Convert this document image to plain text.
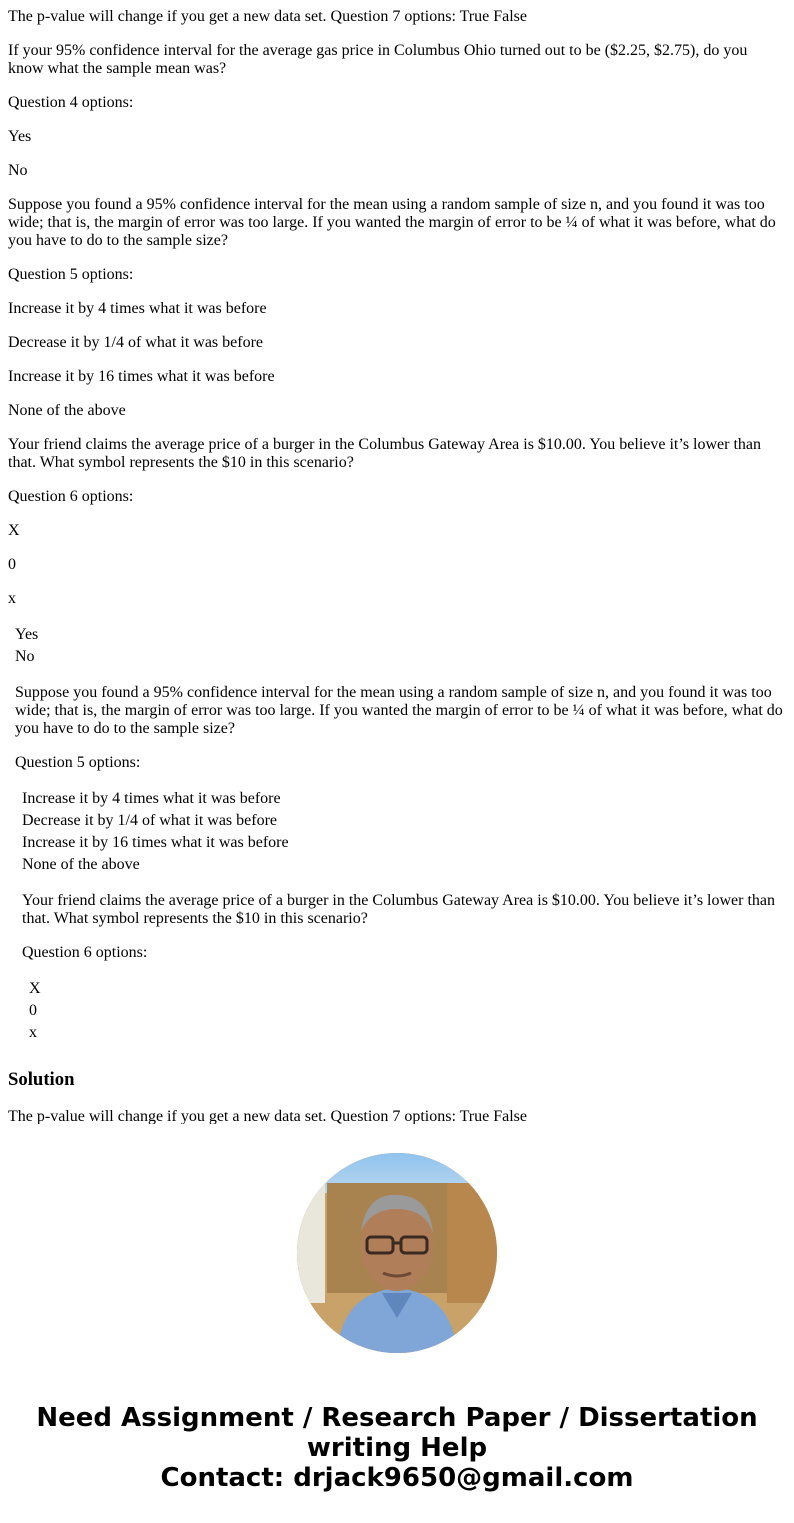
The p-value will change if you get a new data set. Question 7 options: True False

If your 95% confidence interval for the average gas price in Columbus Ohio turned out to be ($2.25, $2.75), do you know what the sample mean was?

Question 4 options:

Yes

No

Suppose you found a 95% confidence interval for the mean using a random sample of size n, and you found it was too wide; that is, the margin of error was too large. If you wanted the margin of error to be ¼ of what it was before, what do you have to do to the sample size?

Question 5 options:

Increase it by 4 times what it was before

Decrease it by 1/4 of what it was before

Increase it by 16 times what it was before

None of the above

Your friend claims the average price of a burger in the Columbus Gateway Area is $10.00. You believe it’s lower than that. What symbol represents the $10 in this scenario?

Question 6 options:

X

0

x

Yes
No

Suppose you found a 95% confidence interval for the mean using a random sample of size n, and you found it was too wide; that is, the margin of error was too large. If you wanted the margin of error to be ¼ of what it was before, what do you have to do to the sample size?

Question 5 options:

Increase it by 4 times what it was before
Decrease it by 1/4 of what it was before
Increase it by 16 times what it was before
None of the above

Your friend claims the average price of a burger in the Columbus Gateway Area is $10.00. You believe it’s lower than that. What symbol represents the $10 in this scenario?

Question 6 options:

X
0
x
Solution
The p-value will change if you get a new data set. Question 7 options: True False
Need Assignment / Research Paper / Dissertation
writing Help
Contact: drjack9650@gmail.com
